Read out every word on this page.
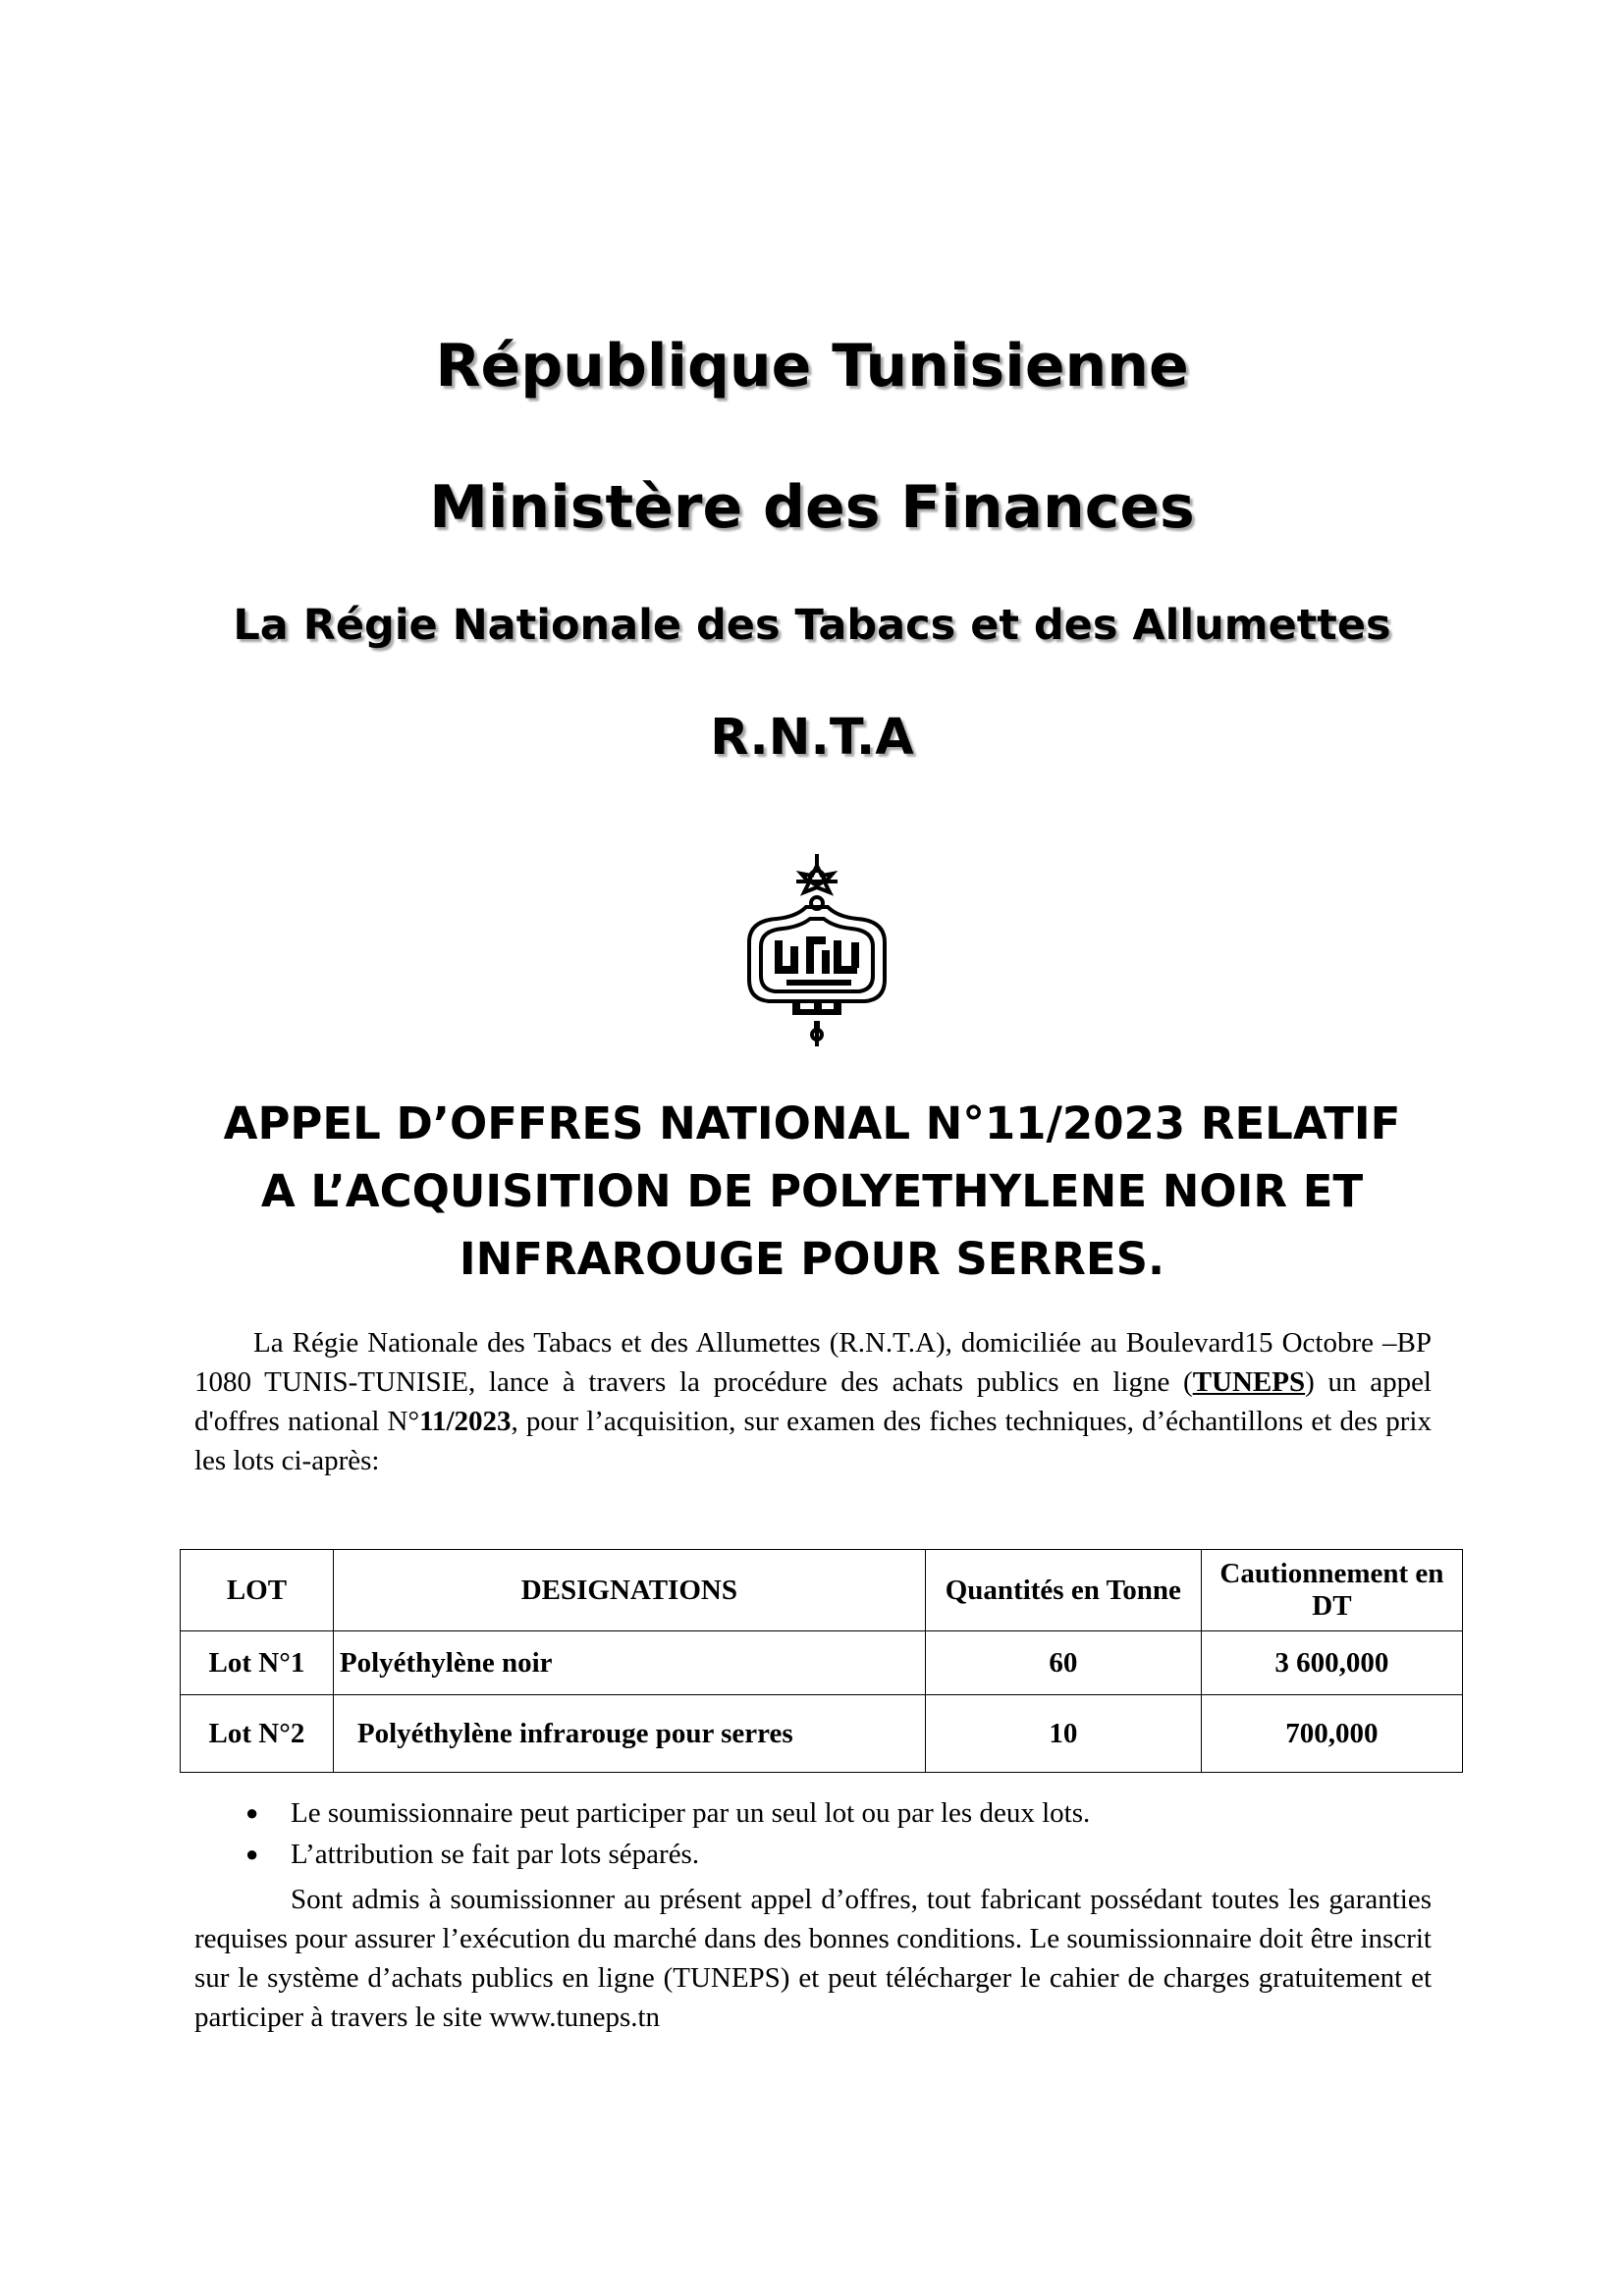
République Tunisienne
Ministère des Finances
La Régie Nationale des Tabacs et des Allumettes
R.N.T.A
APPEL D’OFFRES NATIONAL N°11/2023 RELATIF
A L’ACQUISITION DE POLYETHYLENE NOIR ET
INFRAROUGE POUR SERRES.
La Régie Nationale des Tabacs et des Allumettes (R.N.T.A), domiciliée au Boulevard15 Octobre –BP 1080 TUNIS-TUNISIE, lance à travers la procédure des achats publics en ligne (TUNEPS) un appel d'offres national N°11/2023, pour l’acquisition, sur examen des fiches techniques, d’échantillons et des prix les lots ci-après:
LOT	DESIGNATIONS	Quantités en Tonne	Cautionnement en DT
Lot N°1	Polyéthylène noir	60	3 600,000
Lot N°2	Polyéthylène infrarouge pour serres	10	700,000
● Le soumissionnaire peut participer par un seul lot ou par les deux lots.
● L’attribution se fait par lots séparés.
Sont admis à soumissionner au présent appel d’offres, tout fabricant possédant toutes les garanties requises pour assurer l’exécution du marché dans des bonnes conditions. Le soumissionnaire doit être inscrit sur le système d’achats publics en ligne (TUNEPS) et peut télécharger le cahier de charges gratuitement et participer à travers le site www.tuneps.tn
